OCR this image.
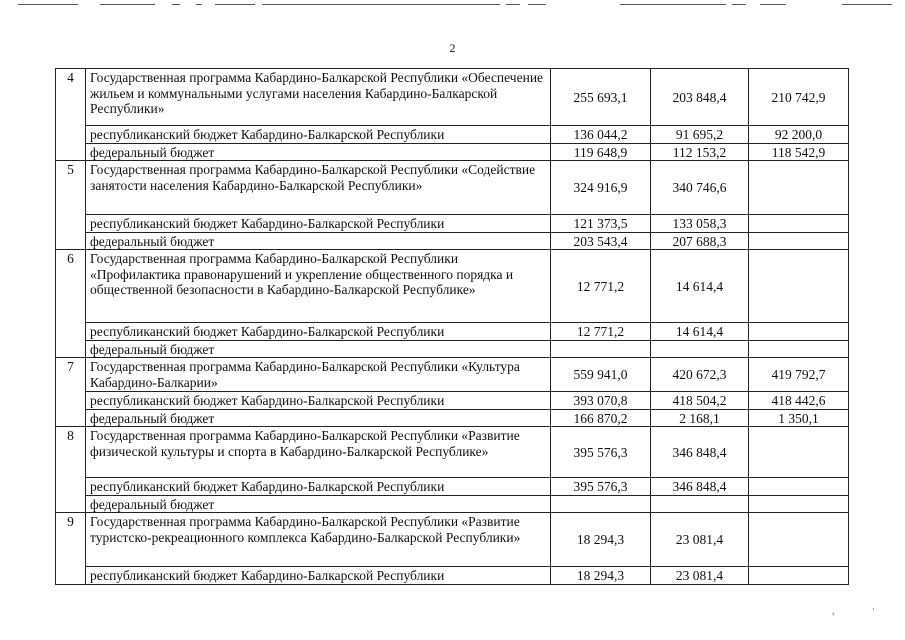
2
4	Государственная программа Кабардино-Балкарской Республики «Обеспечение жильем и коммунальными услугами населения Кабардино-Балкарской Республики»	255 693,1	203 848,4	210 742,9
	республиканский бюджет Кабардино-Балкарской Республики	136 044,2	91 695,2	92 200,0
	федеральный бюджет	119 648,9	112 153,2	118 542,9
5	Государственная программа Кабардино-Балкарской Республики «Содействие занятости населения Кабардино-Балкарской Республики»	324 916,9	340 746,6	
	республиканский бюджет Кабардино-Балкарской Республики	121 373,5	133 058,3	
	федеральный бюджет	203 543,4	207 688,3	
6	Государственная программа Кабардино-Балкарской Республики «Профилактика правонарушений и укрепление общественного порядка и общественной безопасности в Кабардино-Балкарской Республике»	12 771,2	14 614,4	
	республиканский бюджет Кабардино-Балкарской Республики	12 771,2	14 614,4	
	федеральный бюджет			
7	Государственная программа Кабардино-Балкарской Республики «Культура Кабардино-Балкарии»	559 941,0	420 672,3	419 792,7
	республиканский бюджет Кабардино-Балкарской Республики	393 070,8	418 504,2	418 442,6
	федеральный бюджет	166 870,2	2 168,1	1 350,1
8	Государственная программа Кабардино-Балкарской Республики «Развитие физической культуры и спорта в Кабардино-Балкарской Республике»	395 576,3	346 848,4	
	республиканский бюджет Кабардино-Балкарской Республики	395 576,3	346 848,4	
	федеральный бюджет			
9	Государственная программа Кабардино-Балкарской Республики «Развитие туристско-рекреационного комплекса Кабардино-Балкарской Республики»	18 294,3	23 081,4	
	республиканский бюджет Кабардино-Балкарской Республики	18 294,3	23 081,4	
,	·
